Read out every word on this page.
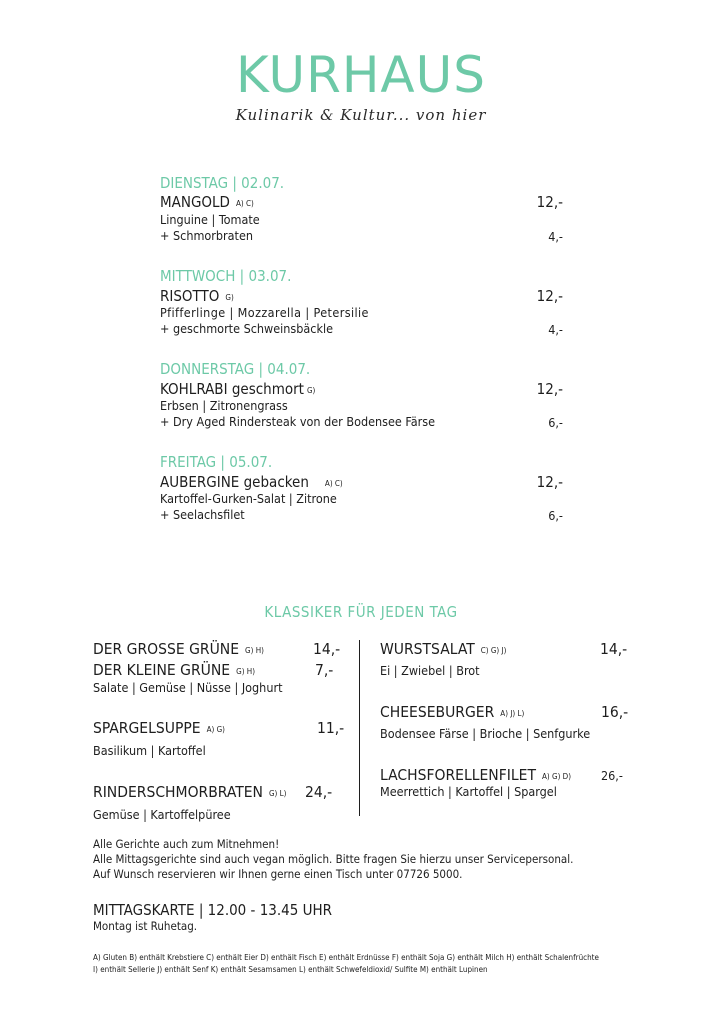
KURHAUS
Kulinarik & Kultur... von hier
DIENSTAG | 02.07.
MANGOLD A) C)	12,-
Linguine | Tomate
+ Schmorbraten	4,-
MITTWOCH | 03.07.
RISOTTO G)	12,-
Pfifferlinge | Mozzarella | Petersilie
+ geschmorte Schweinsbäckle	4,-
DONNERSTAG | 04.07.
KOHLRABI geschmort G)	12,-
Erbsen | Zitronengrass
+ Dry Aged Rindersteak von der Bodensee Färse	6,-
FREITAG | 05.07.
AUBERGINE gebacken A) C)	12,-
Kartoffel-Gurken-Salat | Zitrone
+ Seelachsfilet	6,-
KLASSIKER FÜR JEDEN TAG
DER GROSSE GRÜNE G) H)	14,-
DER KLEINE GRÜNE G) H)	7,-
Salate | Gemüse | Nüsse | Joghurt
SPARGELSUPPE A) G)	11,-
Basilikum | Kartoffel
RINDERSCHMORBRATEN G) L) 24,-
Gemüse | Kartoffelpüree
WURSTSALAT C) G) J)	14,-
Ei | Zwiebel | Brot
CHEESEBURGER A) J) L)	16,-
Bodensee Färse | Brioche | Senfgurke
LACHSFORELLENFILET A) G) D) 26,-
Meerrettich | Kartoffel | Spargel
Alle Gerichte auch zum Mitnehmen!
Alle Mittagsgerichte sind auch vegan möglich. Bitte fragen Sie hierzu unser Servicepersonal.
Auf Wunsch reservieren wir Ihnen gerne einen Tisch unter 07726 5000.
MITTAGSKARTE | 12.00 - 13.45 UHR
Montag ist Ruhetag.
A) Gluten B) enthält Krebstiere C) enthält Eier D) enthält Fisch E) enthält Erdnüsse F) enthält Soja G) enthält Milch H) enthält Schalenfrüchte
I) enthält Sellerie J) enthält Senf K) enthält Sesamsamen L) enthält Schwefeldioxid/ Sulfite M) enthält Lupinen
